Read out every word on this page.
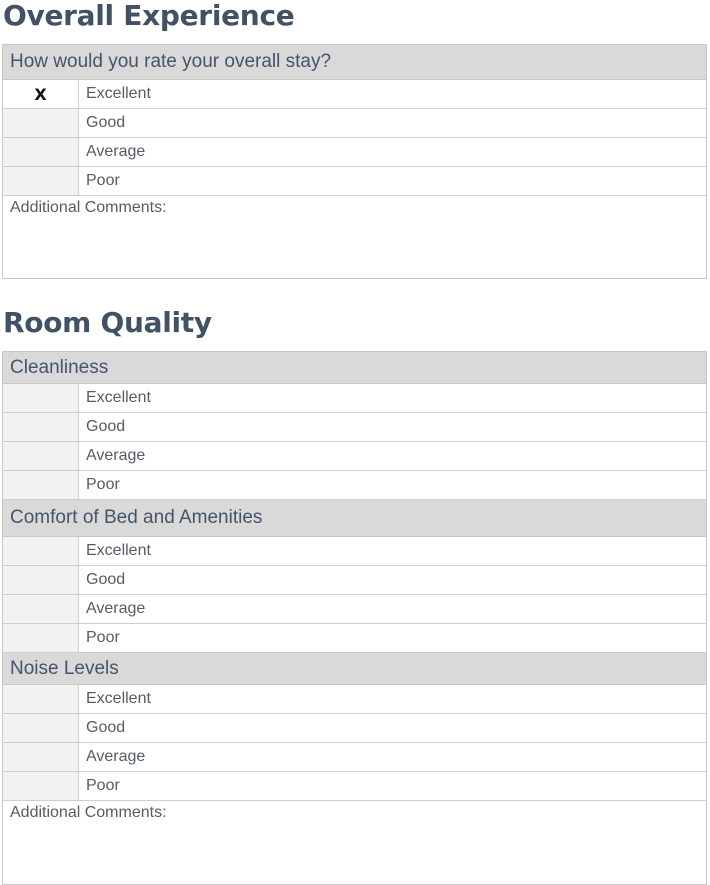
Overall Experience
How would you rate your overall stay?
X	Excellent
Good
Average
Poor
Additional Comments:
Room Quality
Cleanliness
Excellent
Good
Average
Poor
Comfort of Bed and Amenities
Excellent
Good
Average
Poor
Noise Levels
Excellent
Good
Average
Poor
Additional Comments:
